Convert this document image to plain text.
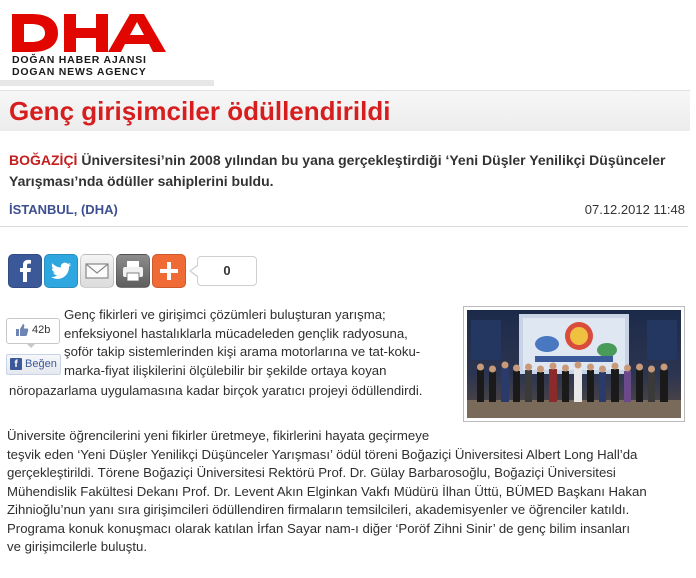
DOĞAN HABER AJANSI
DOGAN NEWS AGENCY
Genç girişimciler ödüllendirildi
BOĞAZİÇİ Üniversitesi’nin 2008 yılından bu yana gerçekleştirdiği ‘Yeni Düşler Yenilikçi Düşünceler Yarışması’nda ödüller sahiplerini buldu.
İSTANBUL, (DHA)	07.12.2012 11:48
0
42b
f Beğen
Genç fikirleri ve girişimci çözümleri buluşturan yarışma;
enfeksiyonel hastalıklarla mücadeleden gençlik radyosuna,
şoför takip sistemlerinden kişi arama motorlarına ve tat-koku-
marka-fiyat ilişkilerini ölçülebilir bir şekilde ortaya koyan
nöropazarlama uygulamasına kadar birçok yaratıcı projeyi ödüllendirdi.
Üniversite öğrencilerini yeni fikirler üretmeye, fikirlerini hayata geçirmeye
teşvik eden ‘Yeni Düşler Yenilikçi Düşünceler Yarışması’ ödül töreni Boğaziçi Üniversitesi Albert Long Hall’da
gerçekleştirildi. Törene Boğaziçi Üniversitesi Rektörü Prof. Dr. Gülay Barbarosoğlu, Boğaziçi Üniversitesi
Mühendislik Fakültesi Dekanı Prof. Dr. Levent Akın Elginkan Vakfı Müdürü İlhan Üttü, BÜMED Başkanı Hakan
Zihnioğlu’nun yanı sıra girişimcileri ödüllendiren firmaların temsilcileri, akademisyenler ve öğrenciler katıldı.
Programa konuk konuşmacı olarak katılan İrfan Sayar nam-ı diğer ‘Poröf Zihni Sinir’ de genç bilim insanları
ve girişimcilerle buluştu.
